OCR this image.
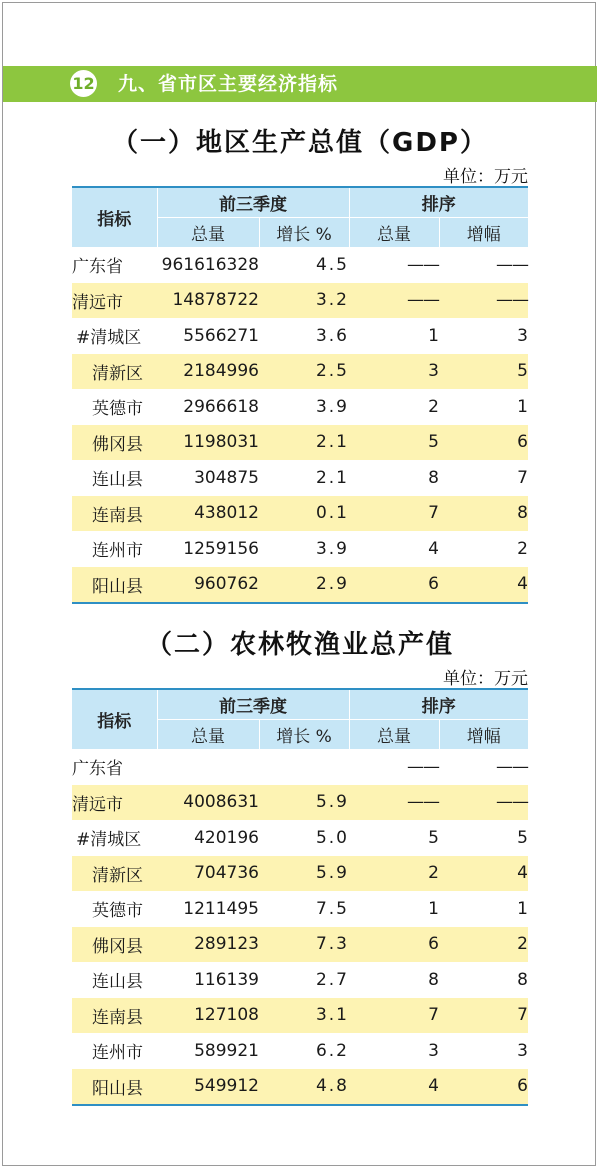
12 九、省市区主要经济指标
（一）地区生产总值（GDP）
单位：万元
指标	前三季度		排序	
	总量	增长 %	总量	增幅
广东省	961616328	4.5	——	——
清远市	14878722	3.2	——	——
#清城区	5566271	3.6	1	3
清新区	2184996	2.5	3	5
英德市	2966618	3.9	2	1
佛冈县	1198031	2.1	5	6
连山县	304875	2.1	8	7
连南县	438012	0.1	7	8
连州市	1259156	3.9	4	2
阳山县	960762	2.9	6	4
（二）农林牧渔业总产值
单位：万元
指标	前三季度		排序	
	总量	增长 %	总量	增幅
广东省			——	——
清远市	4008631	5.9	——	——
#清城区	420196	5.0	5	5
清新区	704736	5.9	2	4
英德市	1211495	7.5	1	1
佛冈县	289123	7.3	6	2
连山县	116139	2.7	8	8
连南县	127108	3.1	7	7
连州市	589921	6.2	3	3
阳山县	549912	4.8	4	6
